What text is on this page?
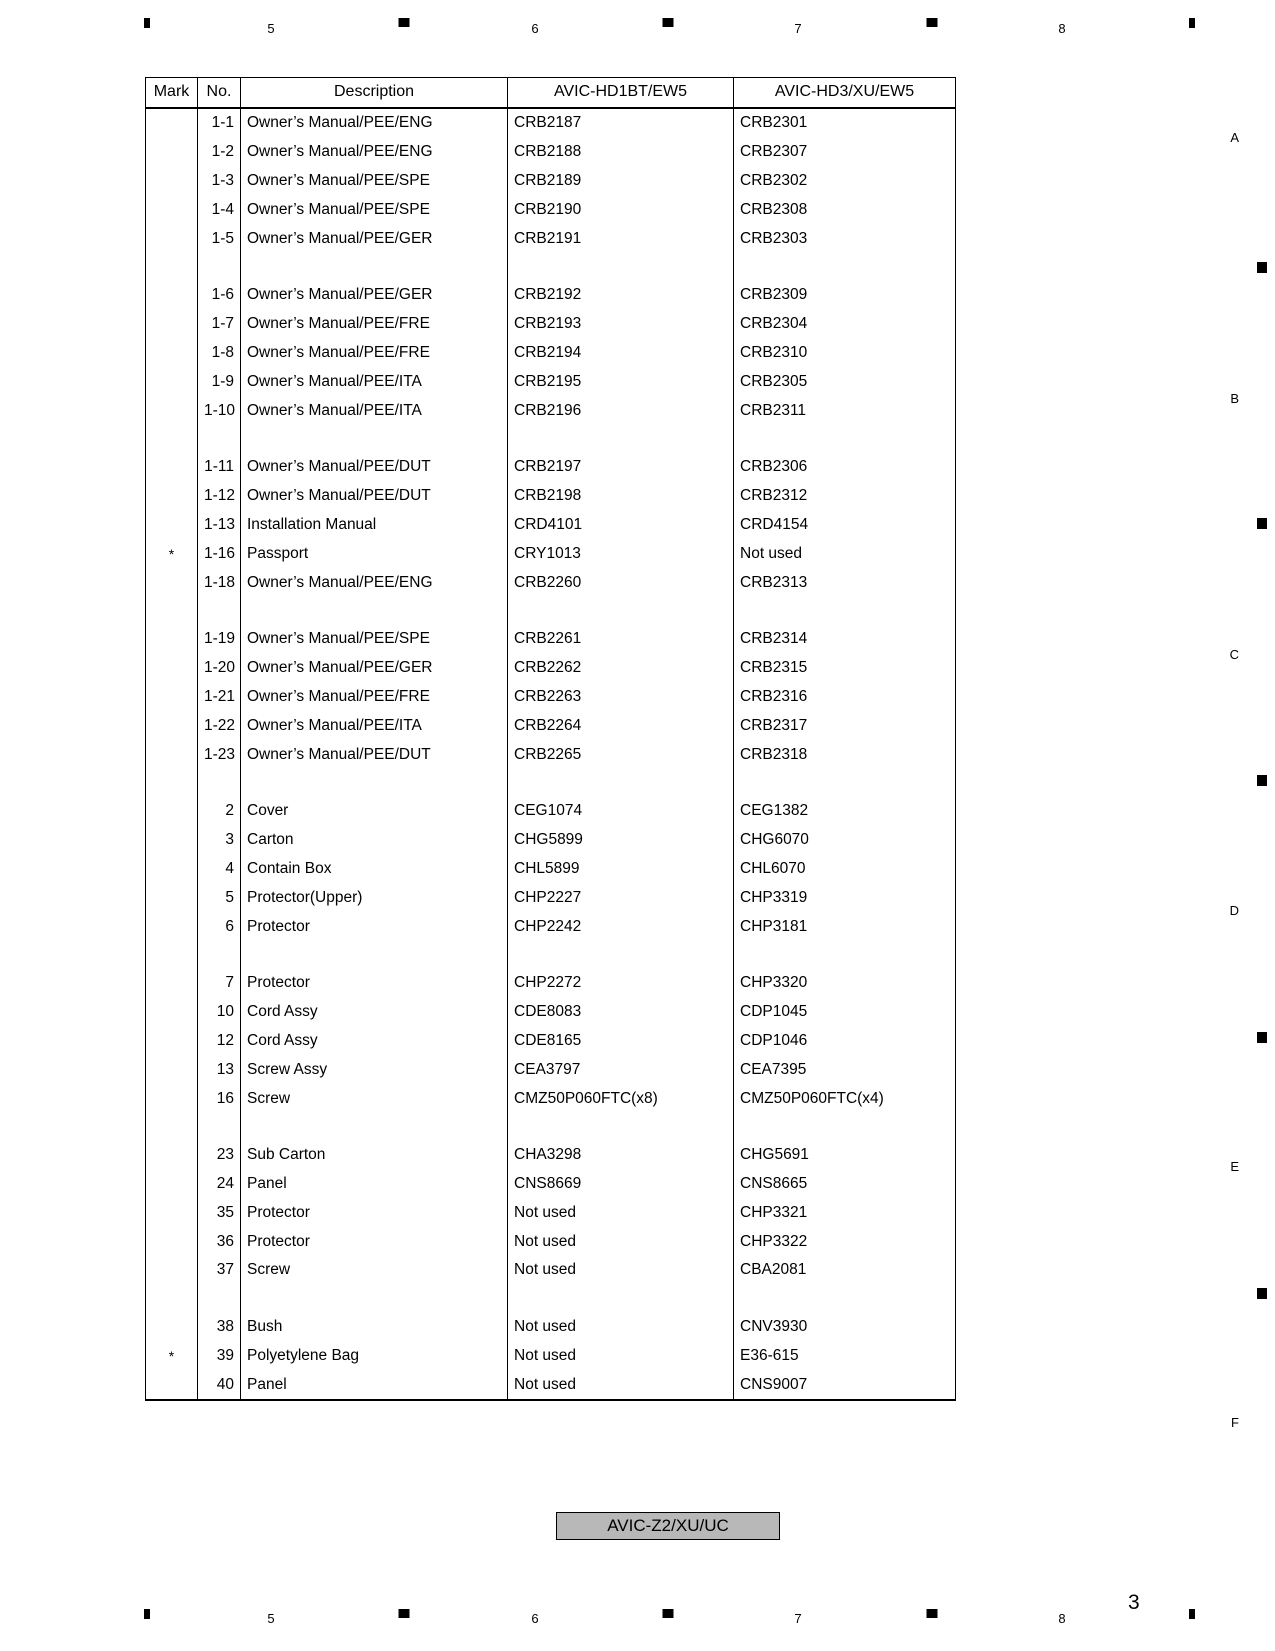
5	6	7	8
A
B
C
D
E
F
Mark	No.	Description	AVIC-HD1BT/EW5	AVIC-HD3/XU/EW5
	1-1	Owner’s Manual/PEE/ENG	CRB2187	CRB2301
	1-2	Owner’s Manual/PEE/ENG	CRB2188	CRB2307
	1-3	Owner’s Manual/PEE/SPE	CRB2189	CRB2302
	1-4	Owner’s Manual/PEE/SPE	CRB2190	CRB2308
	1-5	Owner’s Manual/PEE/GER	CRB2191	CRB2303

	1-6	Owner’s Manual/PEE/GER	CRB2192	CRB2309
	1-7	Owner’s Manual/PEE/FRE	CRB2193	CRB2304
	1-8	Owner’s Manual/PEE/FRE	CRB2194	CRB2310
	1-9	Owner’s Manual/PEE/ITA	CRB2195	CRB2305
	1-10	Owner’s Manual/PEE/ITA	CRB2196	CRB2311

	1-11	Owner’s Manual/PEE/DUT	CRB2197	CRB2306
	1-12	Owner’s Manual/PEE/DUT	CRB2198	CRB2312
	1-13	Installation Manual	CRD4101	CRD4154
*	1-16	Passport	CRY1013	Not used
	1-18	Owner’s Manual/PEE/ENG	CRB2260	CRB2313

	1-19	Owner’s Manual/PEE/SPE	CRB2261	CRB2314
	1-20	Owner’s Manual/PEE/GER	CRB2262	CRB2315
	1-21	Owner’s Manual/PEE/FRE	CRB2263	CRB2316
	1-22	Owner’s Manual/PEE/ITA	CRB2264	CRB2317
	1-23	Owner’s Manual/PEE/DUT	CRB2265	CRB2318

	2	Cover	CEG1074	CEG1382
	3	Carton	CHG5899	CHG6070
	4	Contain Box	CHL5899	CHL6070
	5	Protector(Upper)	CHP2227	CHP3319
	6	Protector	CHP2242	CHP3181

	7	Protector	CHP2272	CHP3320
	10	Cord Assy	CDE8083	CDP1045
	12	Cord Assy	CDE8165	CDP1046
	13	Screw Assy	CEA3797	CEA7395
	16	Screw	CMZ50P060FTC(x8)	CMZ50P060FTC(x4)

	23	Sub Carton	CHA3298	CHG5691
	24	Panel	CNS8669	CNS8665
	35	Protector	Not used	CHP3321
	36	Protector	Not used	CHP3322
	37	Screw	Not used	CBA2081

	38	Bush	Not used	CNV3930
*	39	Polyetylene Bag	Not used	E36-615
	40	Panel	Not used	CNS9007
AVIC-Z2/XU/UC
3
5	6	7	8
